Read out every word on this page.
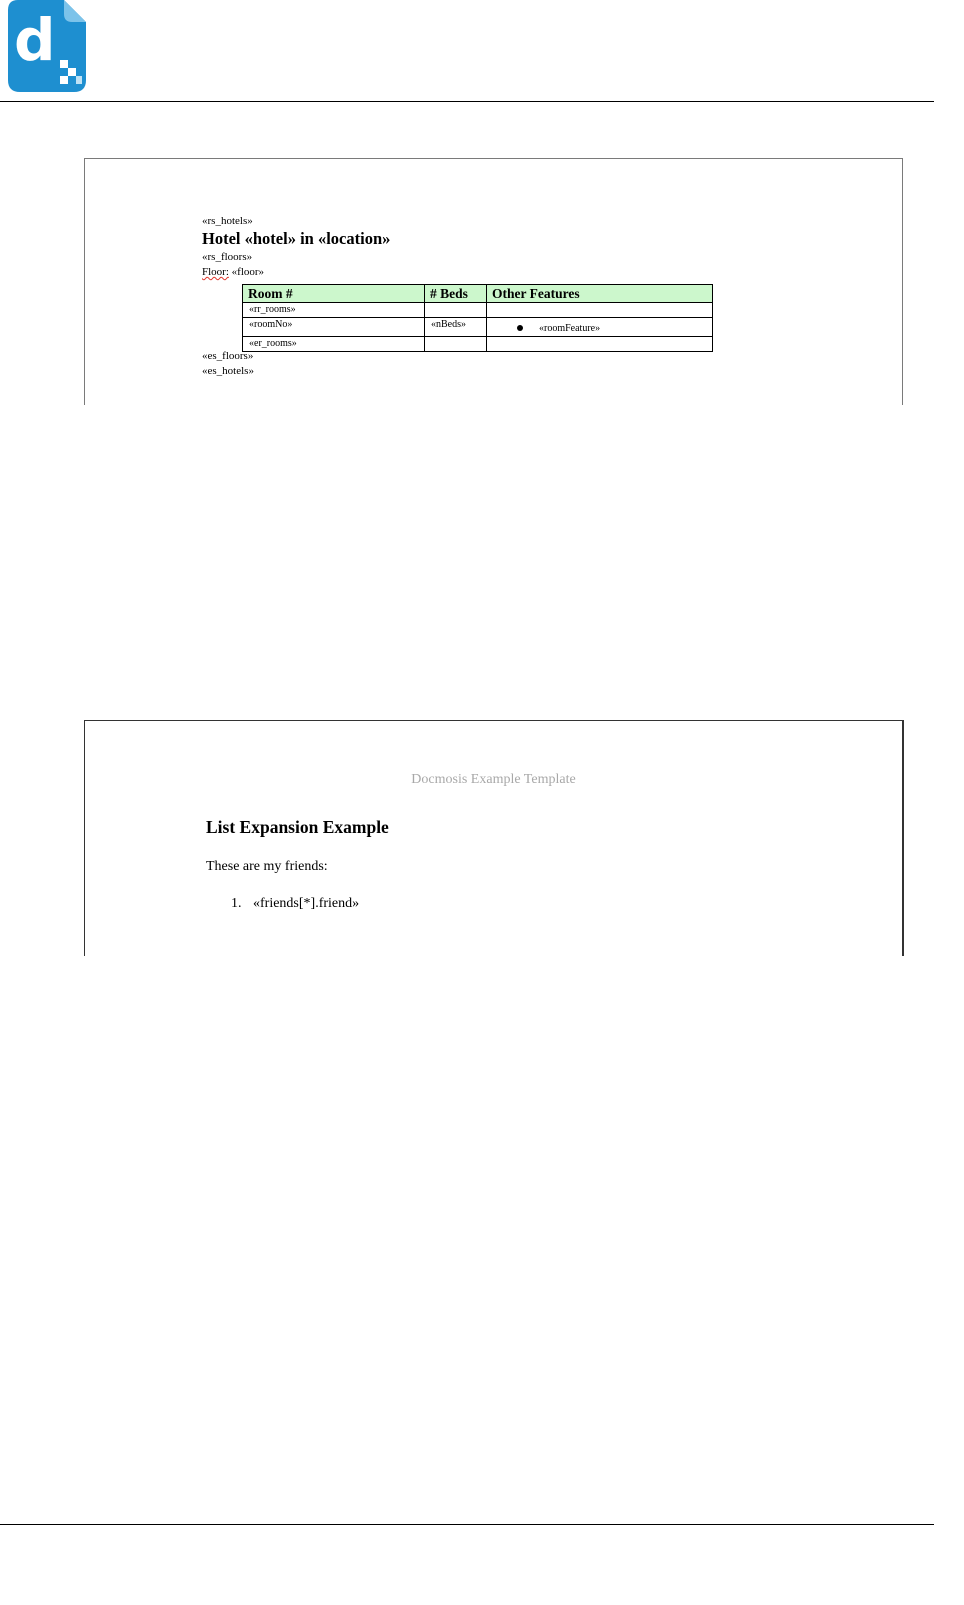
d
«rs_hotels»
Hotel «hotel» in «location»
«rs_floors»
Floor: «floor»
Room #	# Beds	Other Features
«rr_rooms»		
«roomNo»	«nBeds»	«roomFeature»
«er_rooms»		
«es_floors»
«es_hotels»
Docmosis Example Template
List Expansion Example
These are my friends:
1. «friends[*].friend»
